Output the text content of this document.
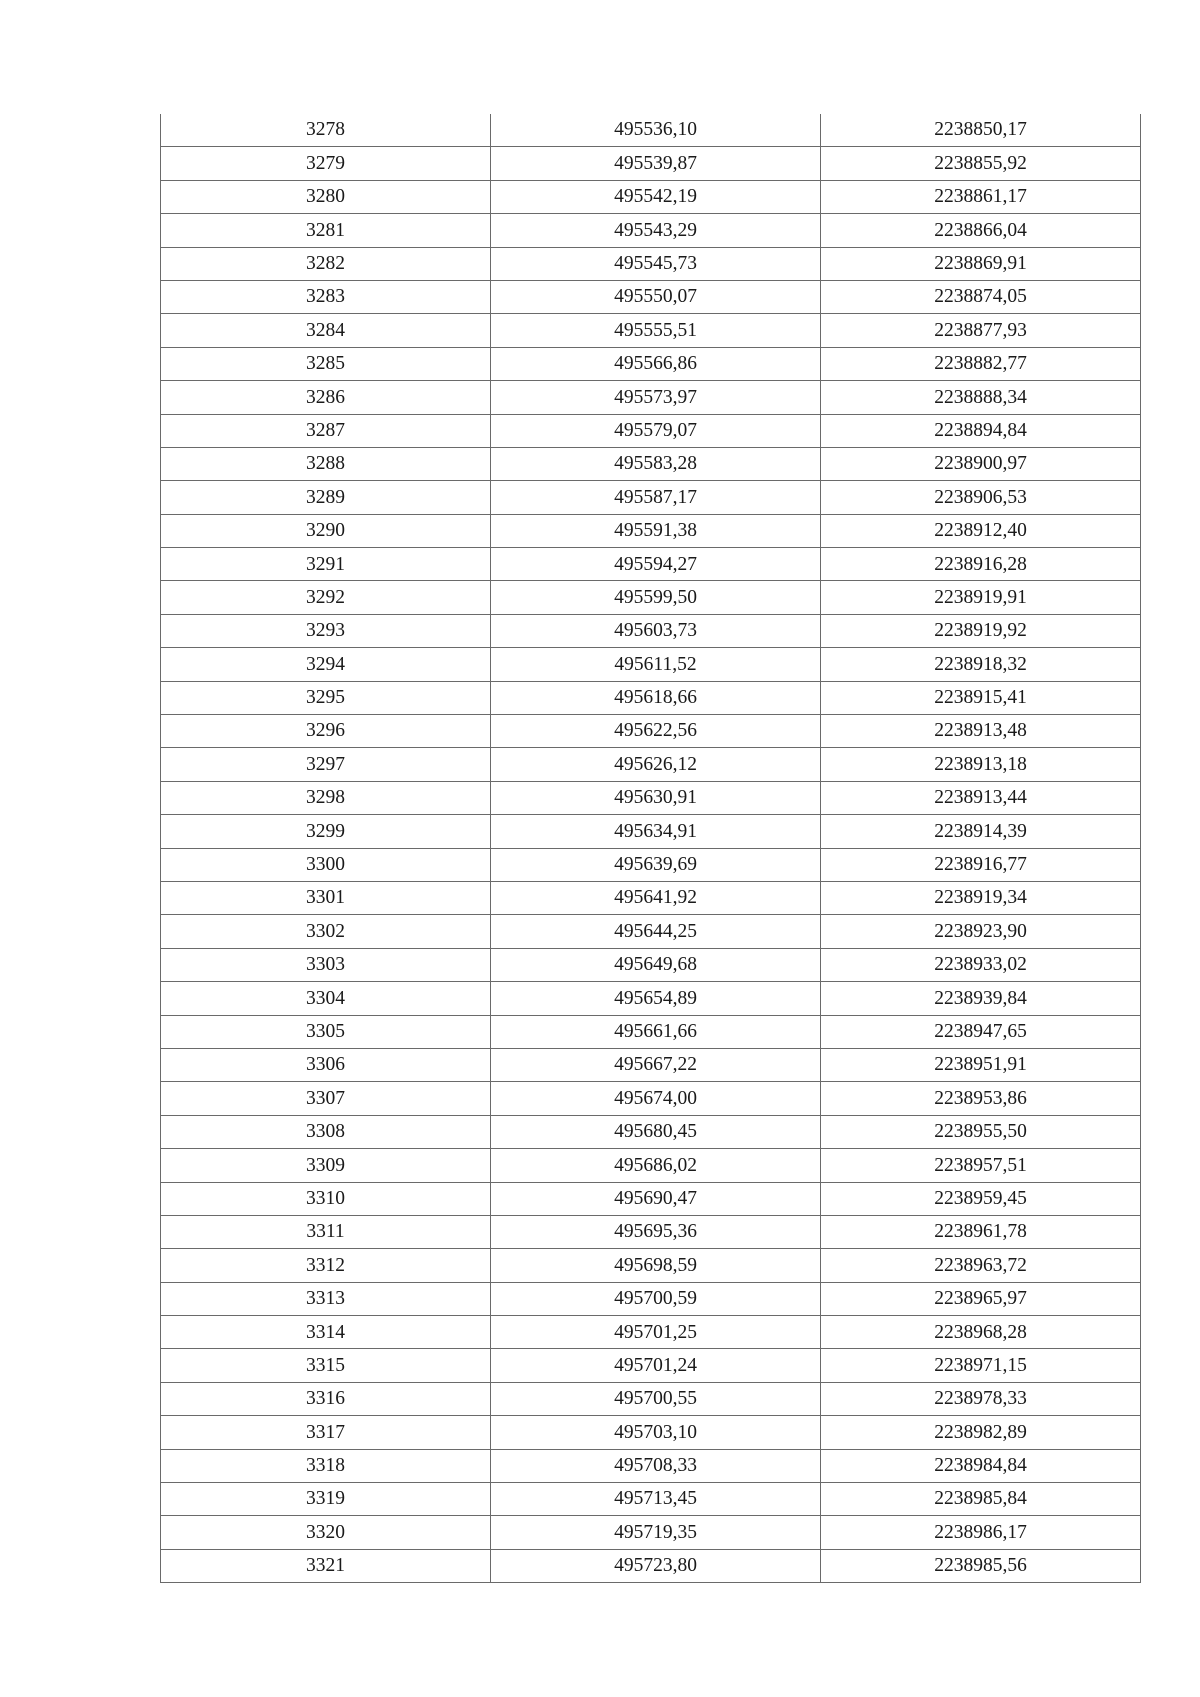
3278	495536,10	2238850,17
3279	495539,87	2238855,92
3280	495542,19	2238861,17
3281	495543,29	2238866,04
3282	495545,73	2238869,91
3283	495550,07	2238874,05
3284	495555,51	2238877,93
3285	495566,86	2238882,77
3286	495573,97	2238888,34
3287	495579,07	2238894,84
3288	495583,28	2238900,97
3289	495587,17	2238906,53
3290	495591,38	2238912,40
3291	495594,27	2238916,28
3292	495599,50	2238919,91
3293	495603,73	2238919,92
3294	495611,52	2238918,32
3295	495618,66	2238915,41
3296	495622,56	2238913,48
3297	495626,12	2238913,18
3298	495630,91	2238913,44
3299	495634,91	2238914,39
3300	495639,69	2238916,77
3301	495641,92	2238919,34
3302	495644,25	2238923,90
3303	495649,68	2238933,02
3304	495654,89	2238939,84
3305	495661,66	2238947,65
3306	495667,22	2238951,91
3307	495674,00	2238953,86
3308	495680,45	2238955,50
3309	495686,02	2238957,51
3310	495690,47	2238959,45
3311	495695,36	2238961,78
3312	495698,59	2238963,72
3313	495700,59	2238965,97
3314	495701,25	2238968,28
3315	495701,24	2238971,15
3316	495700,55	2238978,33
3317	495703,10	2238982,89
3318	495708,33	2238984,84
3319	495713,45	2238985,84
3320	495719,35	2238986,17
3321	495723,80	2238985,56
